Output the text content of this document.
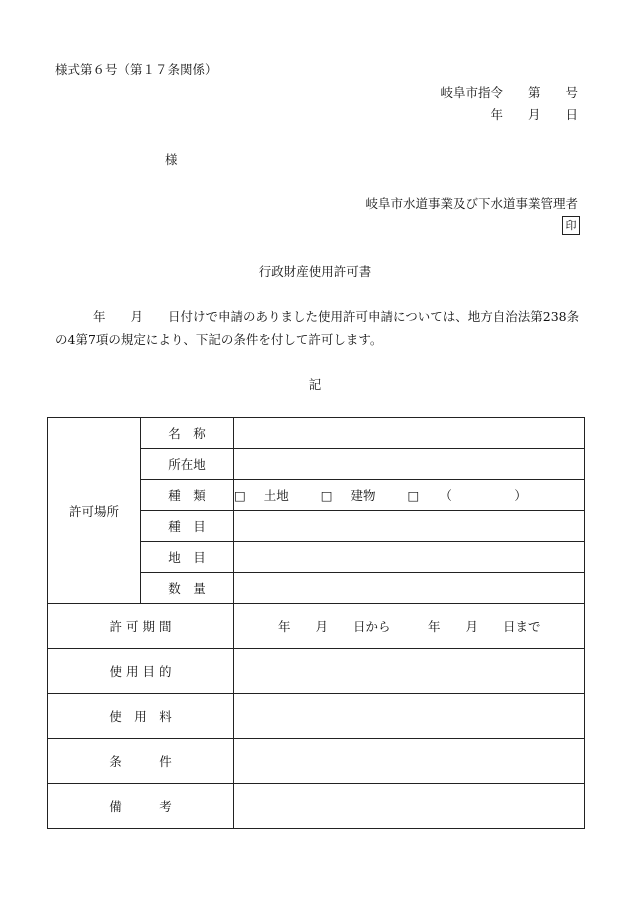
様式第６号（第１７条関係）
岐阜市指令　　第　　号
年　　月　　日
様
岐阜市水道事業及び下水道事業管理者
印
行政財産使用許可書
年　　月　　日付けで申請のありました使用許可申請については、地方自治法第238条
の4第7項の規定により、下記の条件を付して許可します。
記
許可場所	名　称	
	所在地	
	種　類	□ 土地 □ 建物 □ （　　　　　）
	種　目	
	地　目	
	数　量	
許 可 期 間		年　　月　　日から　　　年　　月　　日まで
使 用 目 的		
使　用　料		
条　　　件		
備　　　考		
